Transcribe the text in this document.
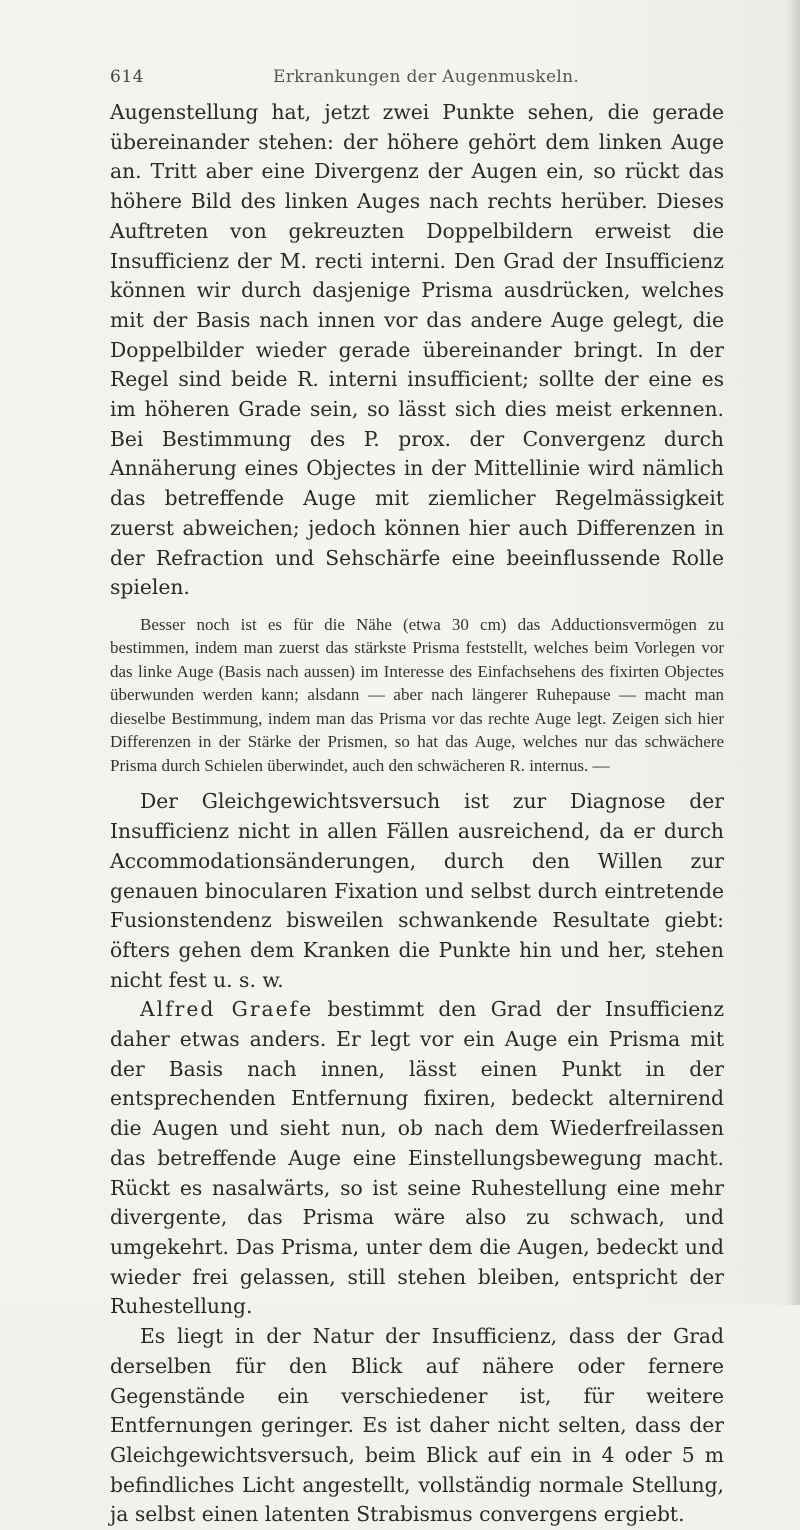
614	Erkrankungen der Augenmuskeln.

Augenstellung hat, jetzt zwei Punkte sehen, die gerade übereinander stehen: der höhere gehört dem linken Auge an. Tritt aber eine Divergenz der Augen ein, so rückt das höhere Bild des linken Auges nach rechts herüber. Dieses Auftreten von gekreuzten Doppelbildern erweist die Insufficienz der M. recti interni. Den Grad der Insufficienz können wir durch dasjenige Prisma ausdrücken, welches mit der Basis nach innen vor das andere Auge gelegt, die Doppelbilder wieder gerade übereinander bringt. In der Regel sind beide R. interni insufficient; sollte der eine es im höheren Grade sein, so lässt sich dies meist erkennen. Bei Bestimmung des P. prox. der Convergenz durch Annäherung eines Objectes in der Mittellinie wird nämlich das betreffende Auge mit ziemlicher Regelmässigkeit zuerst abweichen; jedoch können hier auch Differenzen in der Refraction und Sehschärfe eine beeinflussende Rolle spielen.

Besser noch ist es für die Nähe (etwa 30 cm) das Adductionsvermögen zu bestimmen, indem man zuerst das stärkste Prisma feststellt, welches beim Vorlegen vor das linke Auge (Basis nach aussen) im Interesse des Einfachsehens des fixirten Objectes überwunden werden kann; alsdann — aber nach längerer Ruhepause — macht man dieselbe Bestimmung, indem man das Prisma vor das rechte Auge legt. Zeigen sich hier Differenzen in der Stärke der Prismen, so hat das Auge, welches nur das schwächere Prisma durch Schielen überwindet, auch den schwächeren R. internus. —

Der Gleichgewichtsversuch ist zur Diagnose der Insufficienz nicht in allen Fällen ausreichend, da er durch Accommodationsänderungen, durch den Willen zur genauen binocularen Fixation und selbst durch eintretende Fusionstendenz bisweilen schwankende Resultate giebt: öfters gehen dem Kranken die Punkte hin und her, stehen nicht fest u. s. w.

Alfred Graefe bestimmt den Grad der Insufficienz daher etwas anders. Er legt vor ein Auge ein Prisma mit der Basis nach innen, lässt einen Punkt in der entsprechenden Entfernung fixiren, bedeckt alternirend die Augen und sieht nun, ob nach dem Wiederfreilassen das betreffende Auge eine Einstellungsbewegung macht. Rückt es nasalwärts, so ist seine Ruhestellung eine mehr divergente, das Prisma wäre also zu schwach, und umgekehrt. Das Prisma, unter dem die Augen, bedeckt und wieder frei gelassen, still stehen bleiben, entspricht der Ruhestellung.

Es liegt in der Natur der Insufficienz, dass der Grad derselben für den Blick auf nähere oder fernere Gegenstände ein verschiedener ist, für weitere Entfernungen geringer. Es ist daher nicht selten, dass der Gleichgewichtsversuch, beim Blick auf ein in 4 oder 5 m befindliches Licht angestellt, vollständig normale Stellung, ja selbst einen latenten Strabismus convergens ergiebt.
